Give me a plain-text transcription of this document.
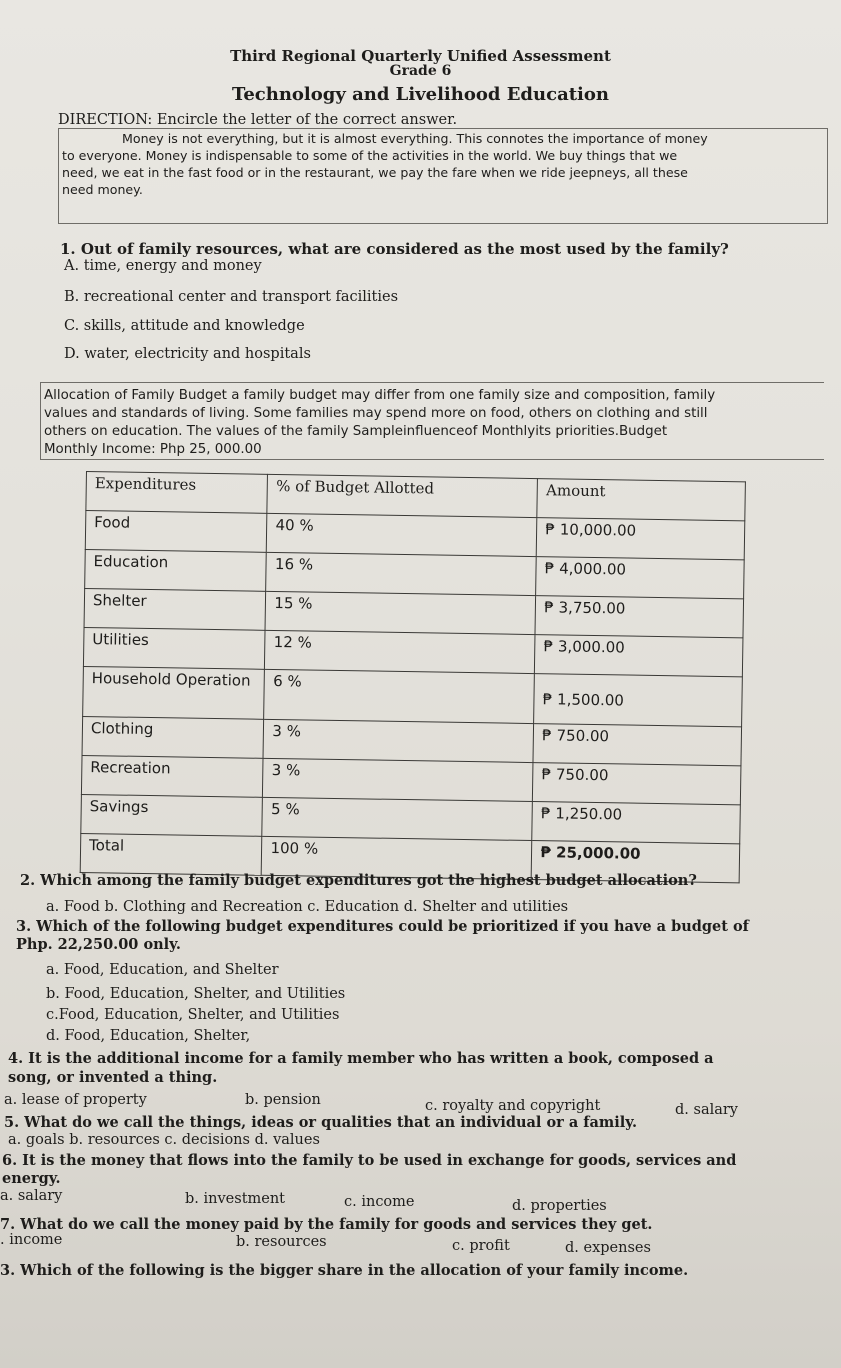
Third Regional Quarterly Unified Assessment
Grade 6
Technology and Livelihood Education
DIRECTION: Encircle the letter of the correct answer.
Money is not everything, but it is almost everything. This connotes the importance of money
to everyone. Money is indispensable to some of the activities in the world. We buy things that we
need, we eat in the fast food or in the restaurant, we pay the fare when we ride jeepneys, all these
need money.
1. Out of family resources, what are considered as the most used by the family?
A. time, energy and money
B. recreational center and transport facilities
C. skills, attitude and knowledge
D. water, electricity and hospitals
Allocation of Family Budget a family budget may differ from one family size and composition, family
values and standards of living. Some families may spend more on food, others on clothing and still
others on education. The values of the family Sampleinfluenceof Monthlyits priorities.Budget
Monthly Income: Php 25, 000.00
Expenditures	% of Budget Allotted	Amount
Food	40 %	₱ 10,000.00
Education	16 %	₱ 4,000.00
Shelter	15 %	₱ 3,750.00
Utilities	12 %	₱ 3,000.00
Household Operation	6 %	₱ 1,500.00
Clothing	3 %	₱ 750.00
Recreation	3 %	₱ 750.00
Savings	5 %	₱ 1,250.00
Total	100 %	₱ 25,000.00
2. Which among the family budget expenditures got the highest budget allocation?
a. Food b. Clothing and Recreation c. Education d. Shelter and utilities
3. Which of the following budget expenditures could be prioritized if you have a budget of
Php. 22,250.00 only.
a. Food, Education, and Shelter
b. Food, Education, Shelter, and Utilities
c.Food, Education, Shelter, and Utilities
d. Food, Education, Shelter,
4. It is the additional income for a family member who has written a book, composed a
song, or invented a thing.
a. lease of property	b. pension	c. royalty and copyright	d. salary
5. What do we call the things, ideas or qualities that an individual or a family.
a. goals b. resources c. decisions d. values
6. It is the money that flows into the family to be used in exchange for goods, services and
energy.
a. salary	b. investment	c. income	d. properties
7. What do we call the money paid by the family for goods and services they get.
. income	b. resources	c. profit	d. expenses
3. Which of the following is the bigger share in the allocation of your family income.
